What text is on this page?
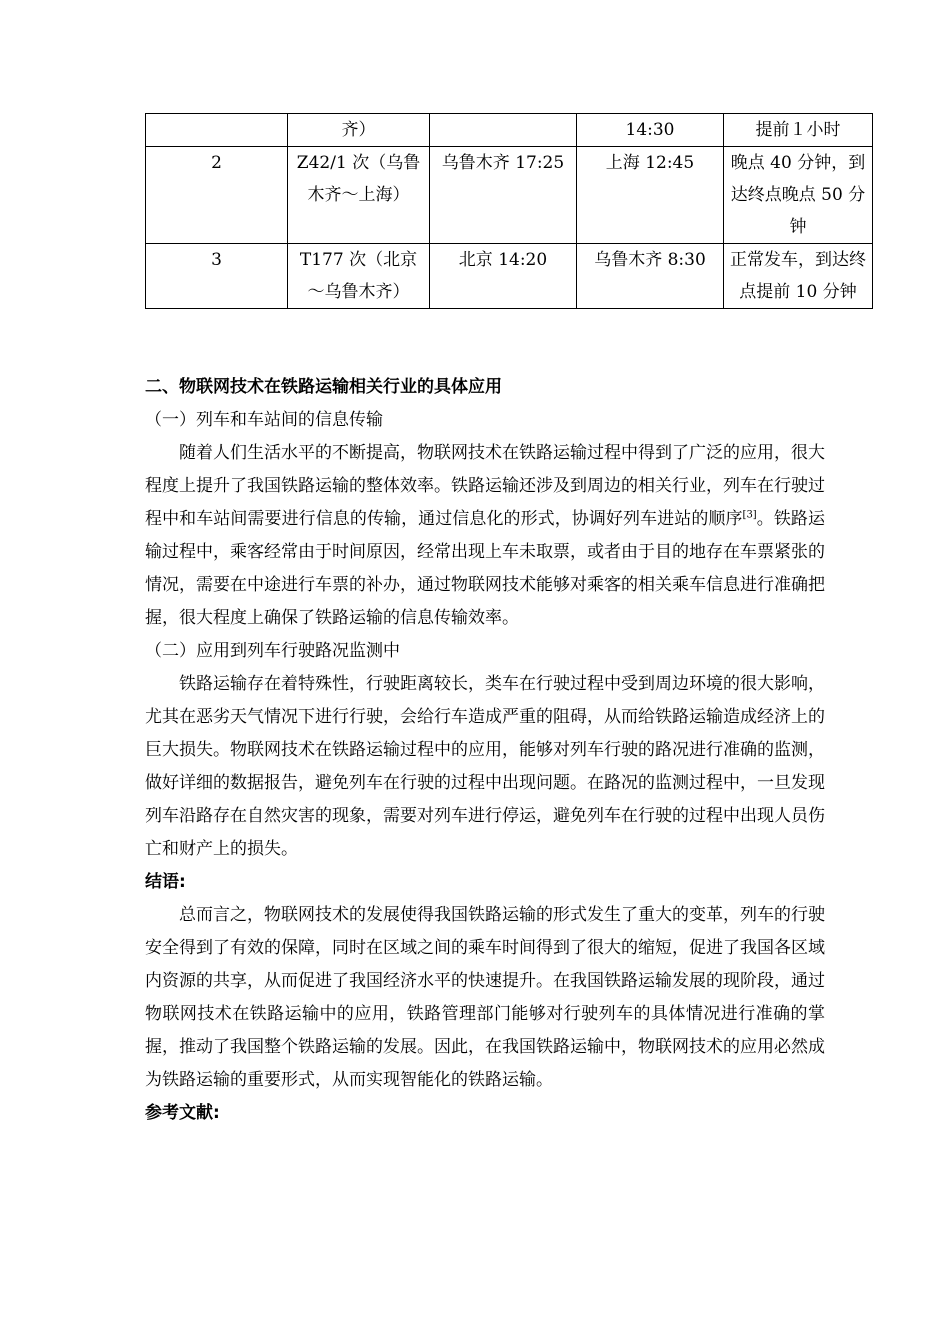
	齐）		14:30	提前１小时
2	Z42/1 次（乌鲁木齐～上海）	乌鲁木齐 17:25	上海 12:45	晚点 40 分钟，到达终点晚点 50 分钟
3	T177 次（北京～乌鲁木齐）	北京 14:20	乌鲁木齐 8:30	正常发车，到达终点提前 10 分钟

二、物联网技术在铁路运输相关行业的具体应用

（一）列车和车站间的信息传输

随着人们生活水平的不断提高，物联网技术在铁路运输过程中得到了广泛的应用，很大程度上提升了我国铁路运输的整体效率。铁路运输还涉及到周边的相关行业，列车在行驶过程中和车站间需要进行信息的传输，通过信息化的形式，协调好列车进站的顺序[3]。铁路运输过程中，乘客经常由于时间原因，经常出现上车未取票，或者由于目的地存在车票紧张的情况，需要在中途进行车票的补办，通过物联网技术能够对乘客的相关乘车信息进行准确把握，很大程度上确保了铁路运输的信息传输效率。

（二）应用到列车行驶路况监测中

铁路运输存在着特殊性，行驶距离较长，类车在行驶过程中受到周边环境的很大影响，尤其在恶劣天气情况下进行行驶，会给行车造成严重的阻碍，从而给铁路运输造成经济上的巨大损失。物联网技术在铁路运输过程中的应用，能够对列车行驶的路况进行准确的监测，做好详细的数据报告，避免列车在行驶的过程中出现问题。在路况的监测过程中，一旦发现列车沿路存在自然灾害的现象，需要对列车进行停运，避免列车在行驶的过程中出现人员伤亡和财产上的损失。

结语:

总而言之，物联网技术的发展使得我国铁路运输的形式发生了重大的变革，列车的行驶安全得到了有效的保障，同时在区域之间的乘车时间得到了很大的缩短，促进了我国各区域内资源的共享，从而促进了我国经济水平的快速提升。在我国铁路运输发展的现阶段，通过物联网技术在铁路运输中的应用，铁路管理部门能够对行驶列车的具体情况进行准确的掌握，推动了我国整个铁路运输的发展。因此，在我国铁路运输中，物联网技术的应用必然成为铁路运输的重要形式，从而实现智能化的铁路运输。

参考文献:
